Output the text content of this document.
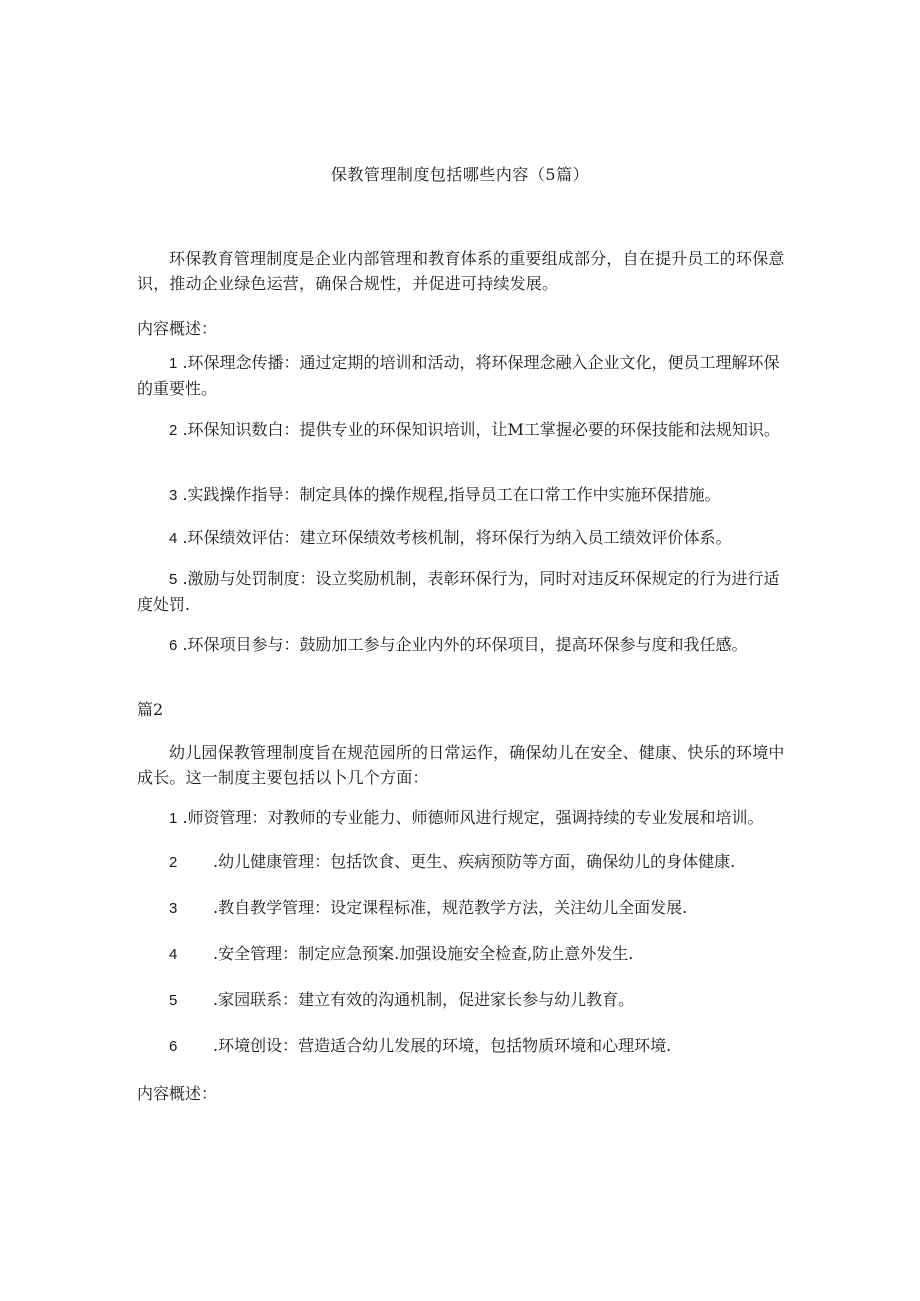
保教管理制度包括哪些内容（5篇）
环保教育管理制度是企业内部管理和教育体系的重要组成部分，自在提升员工的环保意识，推动企业绿色运营，确保合规性，并促进可持续发展。
内容概述：
1 .环保理念传播：通过定期的培训和活动，将环保理念融入企业文化，便员工理解环保的重要性。
2 .环保知识数白：提供专业的环保知识培训，让M工掌握必要的环保技能和法规知识。
3 .实践操作指导：制定具体的操作规程,指导员工在口常工作中实施环保措施。
4 .环保绩效评估：建立环保绩效考核机制，将环保行为纳入员工绩效评价体系。
5 .激励与处罚制度：设立奖励机制，表彰环保行为，同时对违反环保规定的行为进行适度处罚.
6 .环保项目参与：鼓励加工参与企业内外的环保项目，提高环保参与度和我任感。
篇2
幼儿园保教管理制度旨在规范园所的日常运作，确保幼儿在安全、健康、快乐的环境中成长。这一制度主要包括以卜几个方面：
1 .师资管理：对教师的专业能力、师德师风进行规定，强调持续的专业发展和培训。
2 .幼儿健康管理：包括饮食、更生、疾病预防等方面，确保幼儿的身体健康.
3 .教自教学管理：设定课程标准，规范教学方法，关注幼儿全面发展.
4 .安全管理：制定应急预案.加强设施安全检查,防止意外发生.
5 .家园联系：建立有效的沟通机制，促进家长参与幼儿教育。
6 .环境创设：营造适合幼儿发展的环境，包括物质环境和心理环境.
内容概述：
